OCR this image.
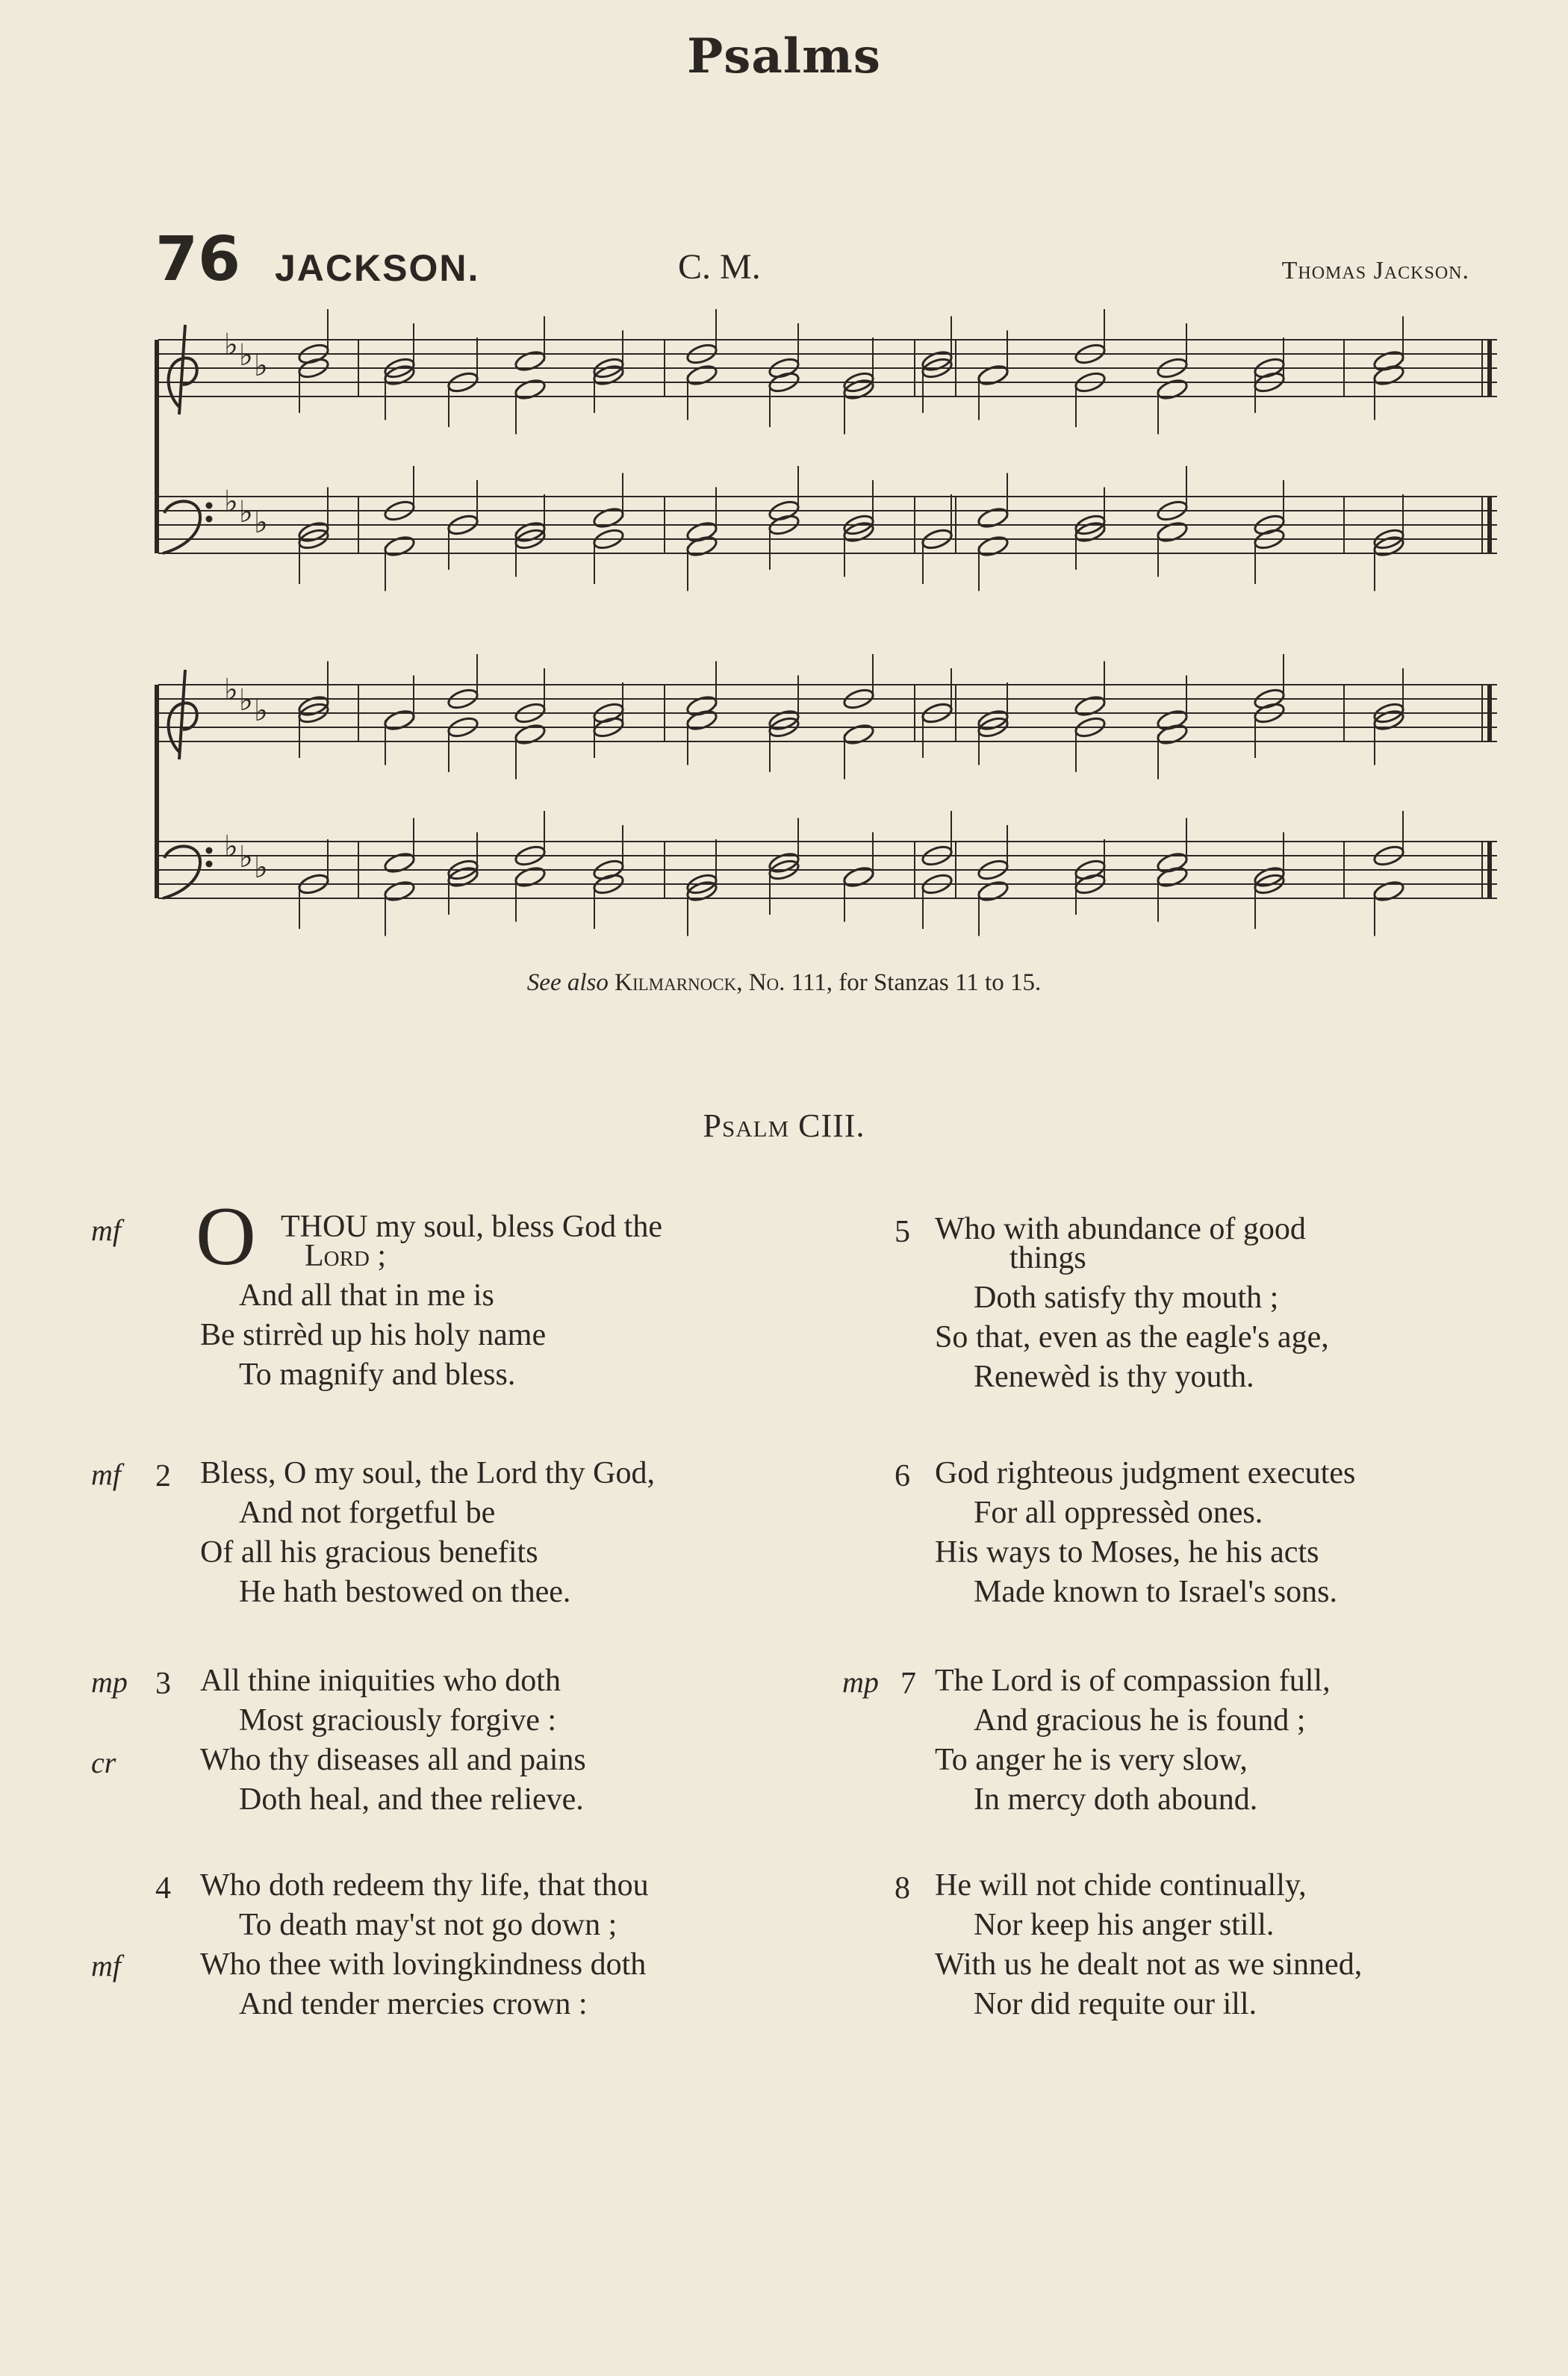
Psalms
76 JACKSON.	C. M.	Thomas Jackson.
♭ ♭ ♭
♭ ♭ ♭
♭ ♭ ♭
♭ ♭ ♭
See also Kilmarnock, No. 111, for Stanzas 11 to 15.
Psalm CIII.
mf O THOU my soul, bless God the
Lord ;
And all that in me is
Be stirrèd up his holy name
To magnify and bless.
mf 2 Bless, O my soul, the Lord thy God,
And not forgetful be
Of all his gracious benefits
He hath bestowed on thee.
mp
cr
3 All thine iniquities who doth
Most graciously forgive :
Who thy diseases all and pains
Doth heal, and thee relieve.
mf
4 Who doth redeem thy life, that thou
To death may'st not go down ;
Who thee with lovingkindness doth
And tender mercies crown :
5 Who with abundance of good
things
Doth satisfy thy mouth ;
So that, even as the eagle's age,
Renewèd is thy youth.
6 God righteous judgment executes
For all oppressèd ones.
His ways to Moses, he his acts
Made known to Israel's sons.
mp 7 The Lord is of compassion full,
And gracious he is found ;
To anger he is very slow,
In mercy doth abound.
8 He will not chide continually,
Nor keep his anger still.
With us he dealt not as we sinned,
Nor did requite our ill.
